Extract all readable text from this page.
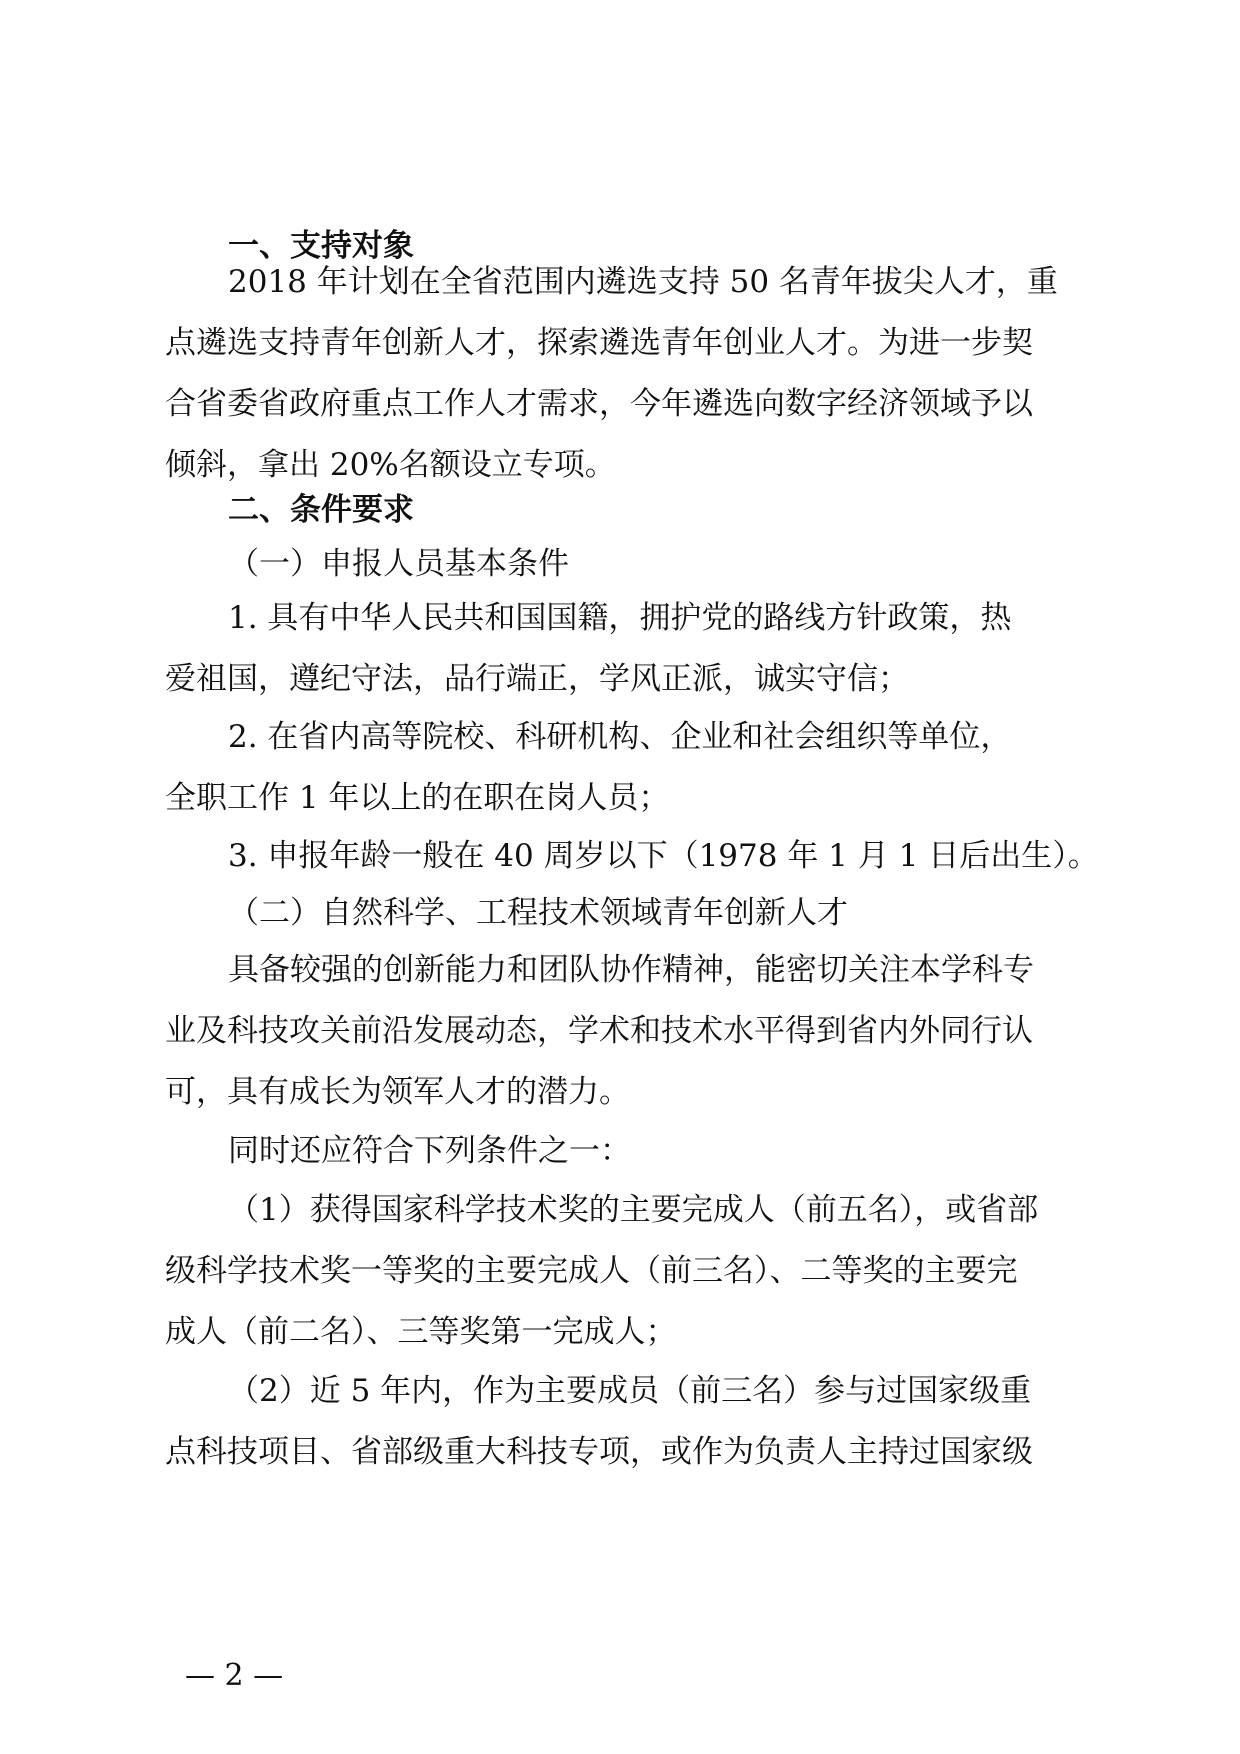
一、支持对象
2018 年计划在全省范围内遴选支持 50 名青年拔尖人才，重
点遴选支持青年创新人才，探索遴选青年创业人才。为进一步契
合省委省政府重点工作人才需求，今年遴选向数字经济领域予以
倾斜，拿出 20%名额设立专项。
二、条件要求
（一）申报人员基本条件
1. 具有中华人民共和国国籍，拥护党的路线方针政策，热
爱祖国，遵纪守法，品行端正，学风正派，诚实守信；
2. 在省内高等院校、科研机构、企业和社会组织等单位，
全职工作 1 年以上的在职在岗人员；
3. 申报年龄一般在 40 周岁以下（1978 年 1 月 1 日后出生）。
（二）自然科学、工程技术领域青年创新人才
具备较强的创新能力和团队协作精神，能密切关注本学科专
业及科技攻关前沿发展动态，学术和技术水平得到省内外同行认
可，具有成长为领军人才的潜力。
同时还应符合下列条件之一：
（1）获得国家科学技术奖的主要完成人（前五名），或省部
级科学技术奖一等奖的主要完成人（前三名）、二等奖的主要完
成人（前二名）、三等奖第一完成人；
（2）近 5 年内，作为主要成员（前三名）参与过国家级重
点科技项目、省部级重大科技专项，或作为负责人主持过国家级
— 2 —
